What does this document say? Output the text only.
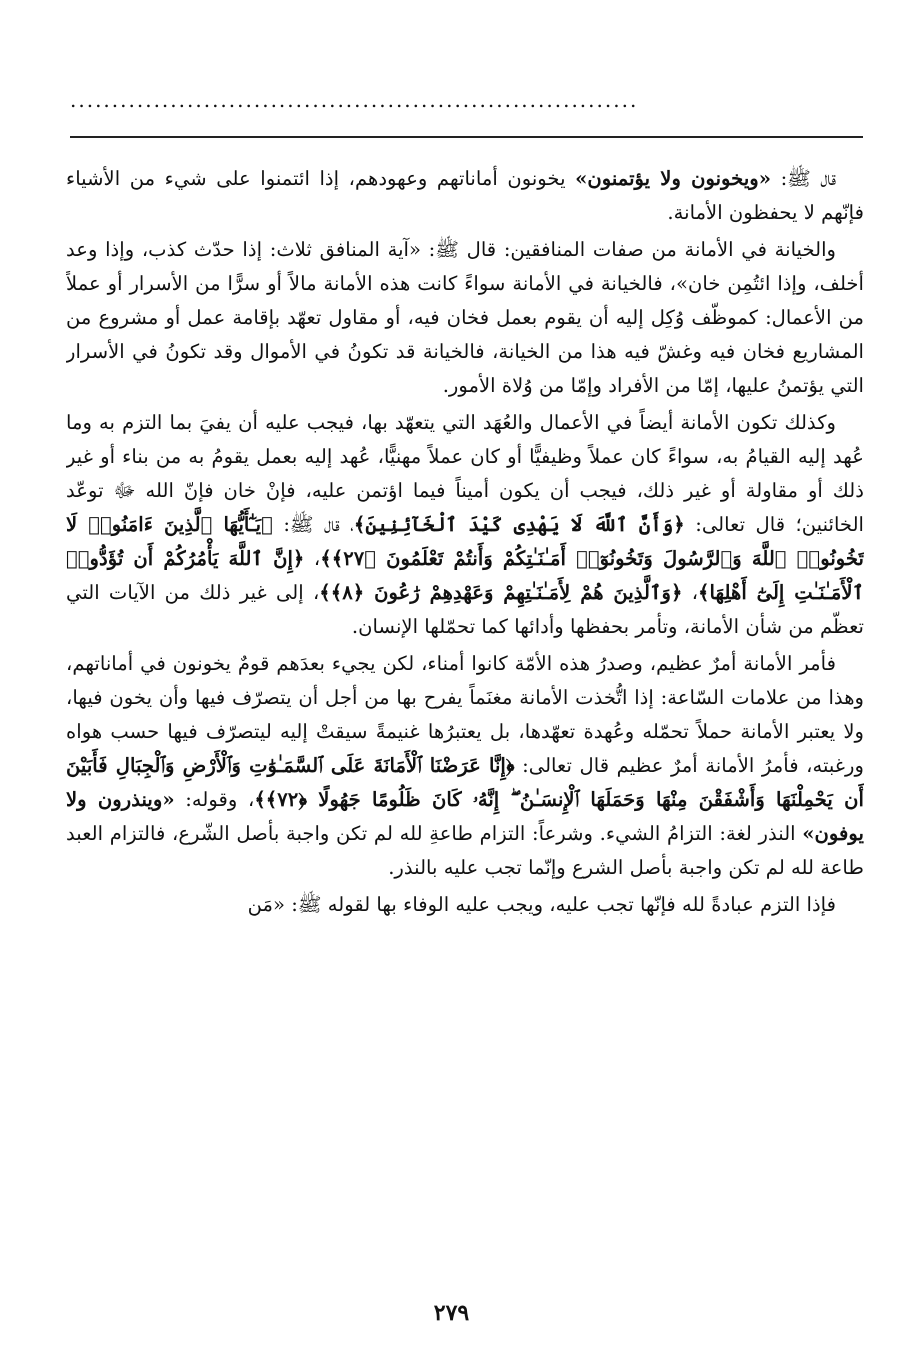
....................................................................

قال ﷺ: «ويخونون ولا يؤتمنون» يخونون أماناتهم وعهودهم، إذا ائتمنوا على شيء من الأشياء فإنّهم لا يحفظون الأمانة.

والخيانة في الأمانة من صفات المنافقين: قال ﷺ: «آية المنافق ثلاث: إذا حدّث كذب، وإذا وعد أخلف، وإذا ائتُمِن خان»، فالخيانة في الأمانة سواءً كانت هذه الأمانة مالاً أو سرًّا من الأسرار أو عملاً من الأعمال: كموظّف وُكِل إليه أن يقوم بعمل فخان فيه، أو مقاول تعهّد بإقامة عمل أو مشروع من المشاريع فخان فيه وغشّ فيه هذا من الخيانة، فالخيانة قد تكونُ في الأموال وقد تكونُ في الأسرار التي يؤتمنُ عليها، إمّا من الأفراد وإمّا من وُلاة الأمور.

وكذلك تكون الأمانة أيضاً في الأعمال والعُهَد التي يتعهّد بها، فيجب عليه أن يفيَ بما التزم به وما عُهد إليه القيامُ به، سواءً كان عملاً وظيفيًّا أو كان عملاً مهنيًّا، عُهد إليه بعمل يقومُ به من بناء أو غير ذلك أو مقاولة أو غير ذلك، فيجب أن يكون أميناً فيما اؤتمن عليه، فإنْ خان فإنّ الله ﷻ توعّد الخائنين؛ قال تعالى: ﴿وَأَنَّ ٱللَّهَ لَا يَهْدِى كَيْدَ ٱلْخَآئِنِينَ﴾، قال ﷺ: ﴿يَـٰٓأَيُّهَا ٱلَّذِينَ ءَامَنُوا۟ لَا تَخُونُوا۟ ٱللَّهَ وَٱلرَّسُولَ وَتَخُونُوٓا۟ أَمَـٰنَـٰتِكُمْ وَأَنتُمْ تَعْلَمُونَ ﴿٢٧﴾﴾، ﴿إِنَّ ٱللَّهَ يَأْمُرُكُمْ أَن تُؤَدُّوا۟ ٱلْأَمَـٰنَـٰتِ إِلَىٰٓ أَهْلِهَا﴾، ﴿وَٱلَّذِينَ هُمْ لِأَمَـٰنَـٰتِهِمْ وَعَهْدِهِمْ رَٰعُونَ ﴿٨﴾﴾، إلى غير ذلك من الآيات التي تعظّم من شأن الأمانة، وتأمر بحفظها وأدائها كما تحمّلها الإنسان.

فأمر الأمانة أمرٌ عظيم، وصدرُ هذه الأمّة كانوا أمناء، لكن يجيء بعدَهم قومٌ يخونون في أماناتهم، وهذا من علامات السّاعة: إذا اتُّخذت الأمانة مغنَماً يفرح بها من أجل أن يتصرّف فيها وأن يخون فيها، ولا يعتبر الأمانة حملاً تحمّله وعُهدة تعهّدها، بل يعتبرُها غنيمةً سيقتْ إليه ليتصرّف فيها حسب هواه ورغبته، فأمرُ الأمانة أمرٌ عظيم قال تعالى: ﴿إِنَّا عَرَضْنَا ٱلْأَمَانَةَ عَلَى ٱلسَّمَـٰوَٰتِ وَٱلْأَرْضِ وَٱلْجِبَالِ فَأَبَيْنَ أَن يَحْمِلْنَهَا وَأَشْفَقْنَ مِنْهَا وَحَمَلَهَا ٱلْإِنسَـٰنُ ۖ إِنَّهُۥ كَانَ ظَلُومًا جَهُولًا ﴿٧٢﴾﴾، وقوله: «وينذرون ولا يوفون» النذر لغة: التزامُ الشيء. وشرعاً: التزام طاعةِ لله لم تكن واجبة بأصل الشّرع، فالتزام العبد طاعة لله لم تكن واجبة بأصل الشرع وإنّما تجب عليه بالنذر.

فإذا التزم عبادةً لله فإنّها تجب عليه، ويجب عليه الوفاء بها لقوله ﷺ: «مَن

٢٧٩
